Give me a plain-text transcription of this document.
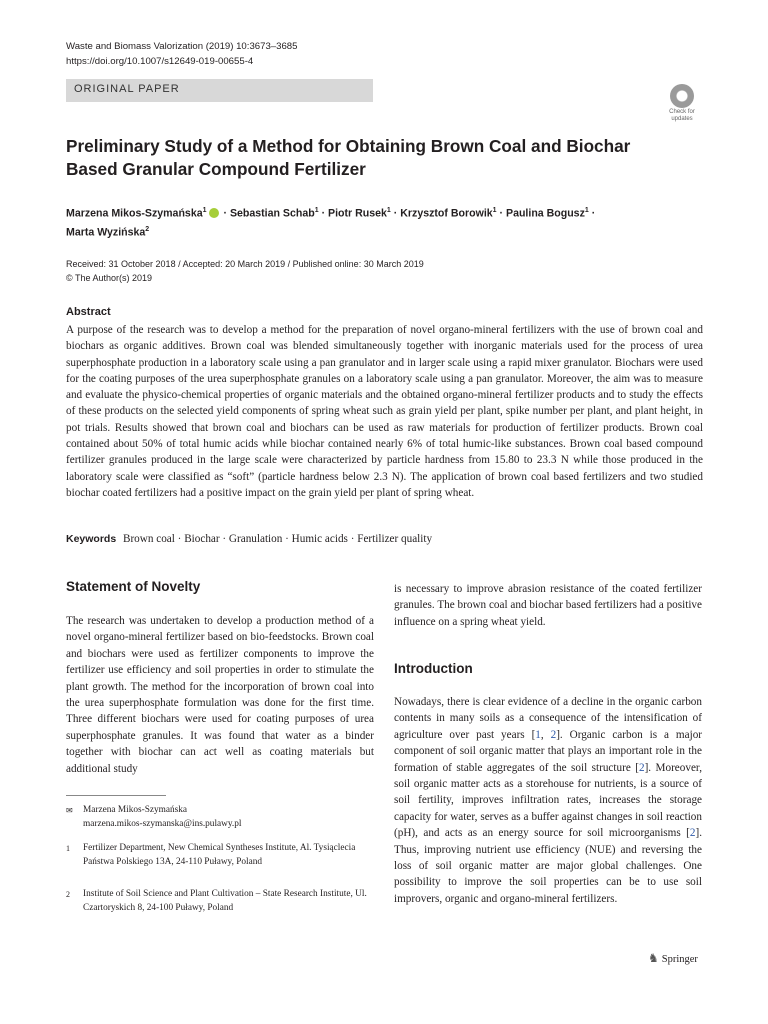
Waste and Biomass Valorization (2019) 10:3673–3685
https://doi.org/10.1007/s12649-019-00655-4
ORIGINAL PAPER
Check for updates
Preliminary Study of a Method for Obtaining Brown Coal and Biochar Based Granular Compound Fertilizer
Marzena Mikos‑Szymańska$^1$ · Sebastian Schab$^1$ · Piotr Rusek$^1$ · Krzysztof Borowik$^1$ · Paulina Bogusz$^1$ ·
Marta Wyzińska$^2$
Received: 31 October 2018 / Accepted: 20 March 2019 / Published online: 30 March 2019
© The Author(s) 2019
Abstract
A purpose of the research was to develop a method for the preparation of novel organo-mineral fertilizers with the use of brown coal and biochars as organic additives. Brown coal was blended simultaneously together with inorganic materials used for the process of urea superphosphate production in a laboratory scale using a pan granulator and in larger scale using a rapid mixer granulator. Biochars were used for the coating purposes of the urea superphosphate granules on a laboratory scale using a pan granulator. Moreover, the aim was to measure and evaluate the physico-chemical properties of organic materials and the obtained organo-mineral fertilizer products and to study the effects of these products on the selected yield components of spring wheat such as grain yield per plant, spike number per plant, and plant height, in pot trials. Results showed that brown coal and biochars can be used as raw materials for production of fertilizer products. Brown coal contained about 50% of total humic acids while biochar contained nearly 6% of total humic-like substances. Brown coal based compound fertilizer granules produced in the large scale were characterized by particle hardness from 15.80 to 23.3 N while those produced in the laboratory scale were classified as “soft” (particle hardness below 2.3 N). The application of brown coal based fertilizers and two studied biochar coated fertilizers had a positive impact on the grain yield per plant of spring wheat.
Keywords Brown coal · Biochar · Granulation · Humic acids · Fertilizer quality
Statement of Novelty
The research was undertaken to develop a production method of a novel organo-mineral fertilizer based on bio-feedstocks. Brown coal and biochars were used as fertilizer components to improve the fertilizer use efficiency and soil properties in order to stimulate the plant growth. The method for the incorporation of brown coal into the urea superphosphate formulation was done for the first time. Three different biochars were used for coating purposes of urea superphosphate granules. It was found that water as a binder together with biochar can act well as coating materials but additional study
✉ Marzena Mikos‑Szymańska
marzena.mikos-szymanska@ins.pulawy.pl
1 Fertilizer Department, New Chemical Syntheses Institute, Al. Tysiąclecia Państwa Polskiego 13A, 24-110 Puławy, Poland
2 Institute of Soil Science and Plant Cultivation – State Research Institute, Ul. Czartoryskich 8, 24-100 Puławy, Poland
is necessary to improve abrasion resistance of the coated fertilizer granules. The brown coal and biochar based fertilizers had a positive influence on a spring wheat yield.
Introduction
Nowadays, there is clear evidence of a decline in the organic carbon contents in many soils as a consequence of the intensification of agriculture over past years [1, 2]. Organic carbon is a major component of soil organic matter that plays an important role in the formation of stable aggregates of the soil structure [2]. Moreover, soil organic matter acts as a storehouse for nutrients, is a source of soil fertility, improves infiltration rates, increases the storage capacity for water, serves as a buffer against changes in soil reaction (pH), and acts as an energy source for soil microorganisms [2]. Thus, improving nutrient use efficiency (NUE) and reversing the loss of soil organic matter are major global challenges. One possibility to improve the soil properties can be to use soil improvers, organic and organo-mineral fertilizers.
♞ Springer
